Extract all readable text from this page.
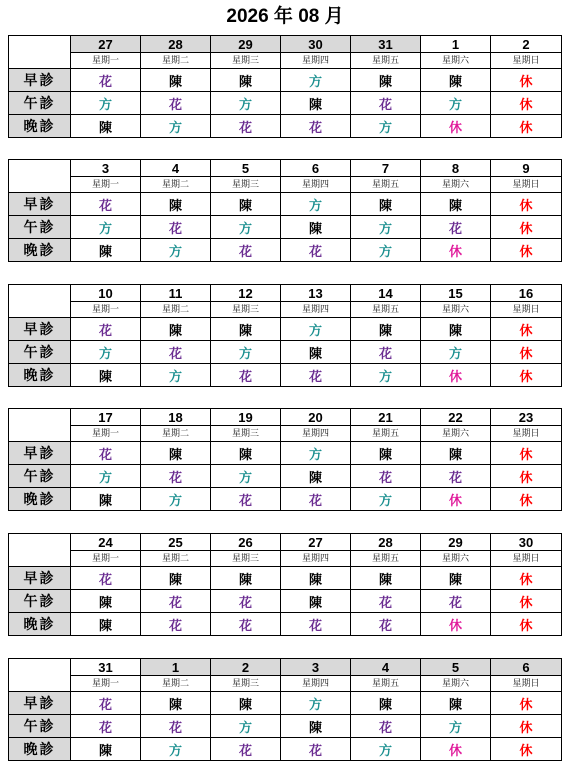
2026 年 08 月
	27	28	29	30	31	1	2
	星期一	星期二	星期三	星期四	星期五	星期六	星期日
早診	花	陳	陳	方	陳	陳	休
午診	方	花	方	陳	花	方	休
晚診	陳	方	花	花	方	休	休
	3	4	5	6	7	8	9
	星期一	星期二	星期三	星期四	星期五	星期六	星期日
早診	花	陳	陳	方	陳	陳	休
午診	方	花	方	陳	方	花	休
晚診	陳	方	花	花	方	休	休
	10	11	12	13	14	15	16
	星期一	星期二	星期三	星期四	星期五	星期六	星期日
早診	花	陳	陳	方	陳	陳	休
午診	方	花	方	陳	花	方	休
晚診	陳	方	花	花	方	休	休
	17	18	19	20	21	22	23
	星期一	星期二	星期三	星期四	星期五	星期六	星期日
早診	花	陳	陳	方	陳	陳	休
午診	方	花	方	陳	花	花	休
晚診	陳	方	花	花	方	休	休
	24	25	26	27	28	29	30
	星期一	星期二	星期三	星期四	星期五	星期六	星期日
早診	花	陳	陳	陳	陳	陳	休
午診	陳	花	花	陳	花	花	休
晚診	陳	花	花	花	花	休	休
	31	1	2	3	4	5	6
	星期一	星期二	星期三	星期四	星期五	星期六	星期日
早診	花	陳	陳	方	陳	陳	休
午診	花	花	方	陳	花	方	休
晚診	陳	方	花	花	方	休	休
